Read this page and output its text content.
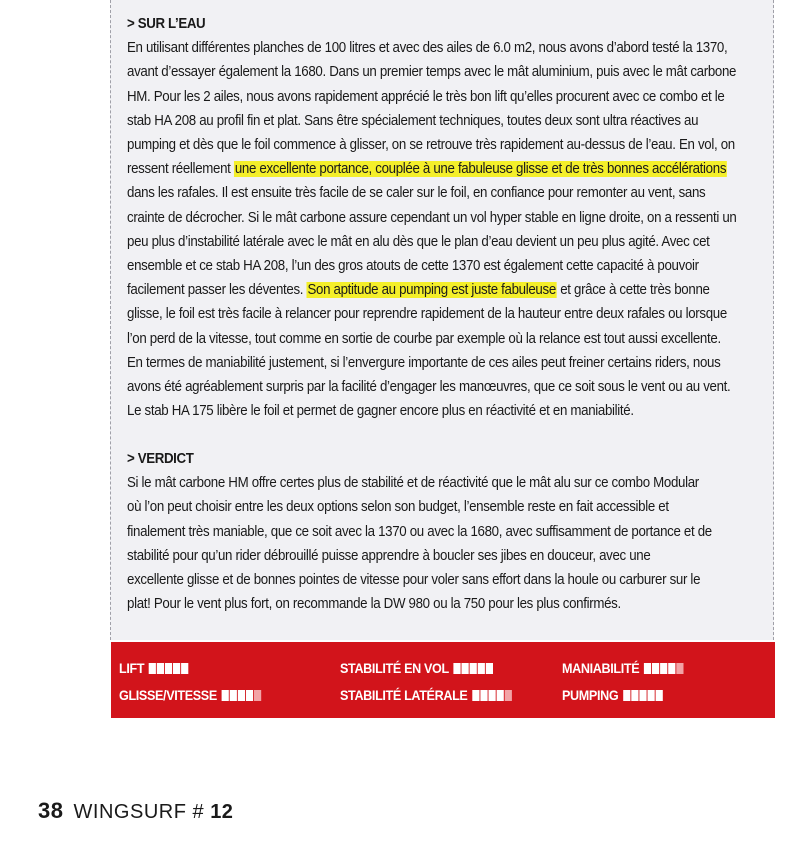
> SUR L’EAU
En utilisant différentes planches de 100 litres et avec des ailes de 6.0 m2, nous avons d’abord testé la 1370,
avant d’essayer également la 1680. Dans un premier temps avec le mât aluminium, puis avec le mât carbone
HM. Pour les 2 ailes, nous avons rapidement apprécié le très bon lift qu’elles procurent avec ce combo et le
stab HA 208 au profil fin et plat. Sans être spécialement techniques, toutes deux sont ultra réactives au
pumping et dès que le foil commence à glisser, on se retrouve très rapidement au-dessus de l’eau. En vol, on
ressent réellement une excellente portance, couplée à une fabuleuse glisse et de très bonnes accélérations
dans les rafales. Il est ensuite très facile de se caler sur le foil, en confiance pour remonter au vent, sans
crainte de décrocher. Si le mât carbone assure cependant un vol hyper stable en ligne droite, on a ressenti un
peu plus d’instabilité latérale avec le mât en alu dès que le plan d’eau devient un peu plus agité. Avec cet
ensemble et ce stab HA 208, l’un des gros atouts de cette 1370 est également cette capacité à pouvoir
facilement passer les déventes. Son aptitude au pumping est juste fabuleuse et grâce à cette très bonne
glisse, le foil est très facile à relancer pour reprendre rapidement de la hauteur entre deux rafales ou lorsque
l’on perd de la vitesse, tout comme en sortie de courbe par exemple où la relance est tout aussi excellente.
En termes de maniabilité justement, si l’envergure importante de ces ailes peut freiner certains riders, nous
avons été agréablement surpris par la facilité d’engager les manœuvres, que ce soit sous le vent ou au vent.
Le stab HA 175 libère le foil et permet de gagner encore plus en réactivité et en maniabilité.
> VERDICT
Si le mât carbone HM offre certes plus de stabilité et de réactivité que le mât alu sur ce combo Modular
où l’on peut choisir entre les deux options selon son budget, l’ensemble reste en fait accessible et
finalement très maniable, que ce soit avec la 1370 ou avec la 1680, avec suffisamment de portance et de
stabilité pour qu’un rider débrouillé puisse apprendre à boucler ses jibes en douceur, avec une
excellente glisse et de bonnes pointes de vitesse pour voler sans effort dans la houle ou carburer sur le
plat! Pour le vent plus fort, on recommande la DW 980 ou la 750 pour les plus confirmés.
LIFT	STABILITÉ EN VOL	MANIABILITÉ
GLISSE/VITESSE	STABILITÉ LATÉRALE	PUMPING
38 WINGSURF # 12
